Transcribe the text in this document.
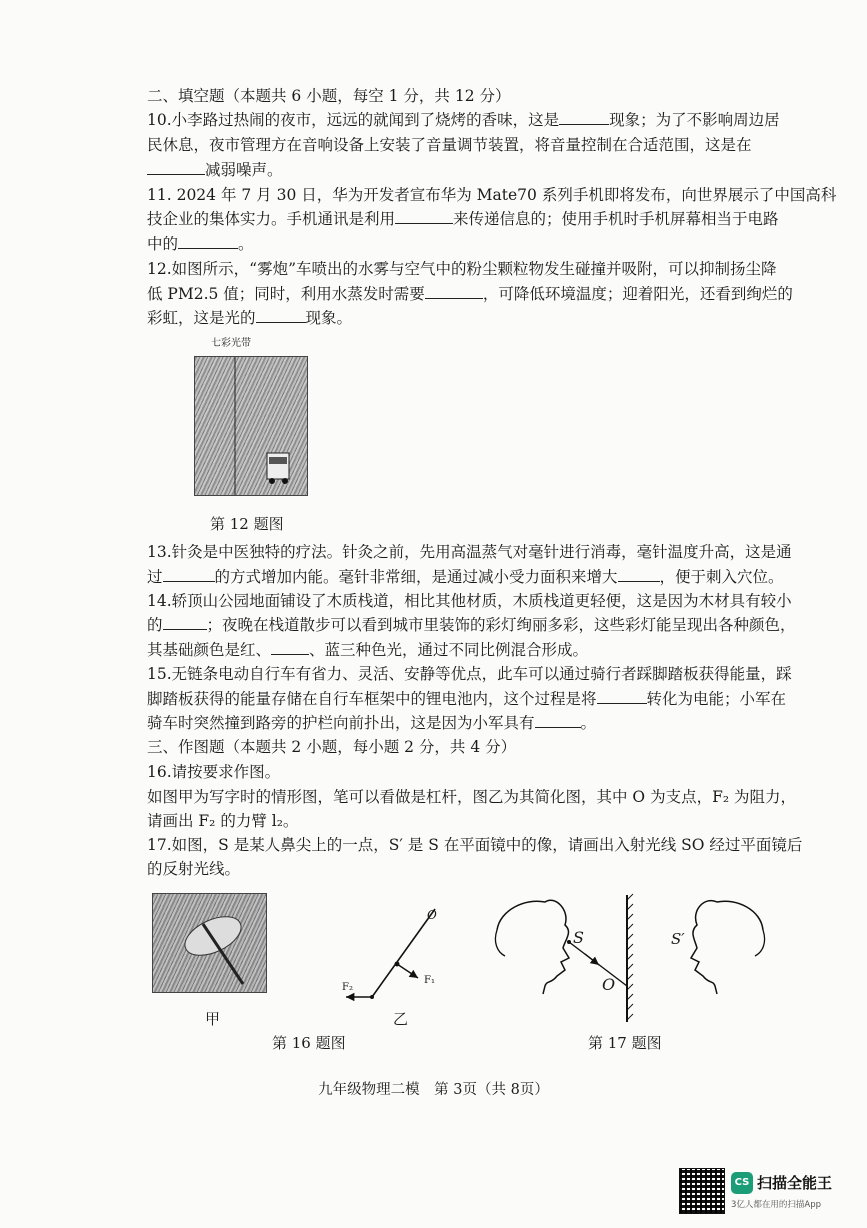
二、填空题（本题共 6 小题，每空 1 分，共 12 分）
10.小李路过热闹的夜市，远远的就闻到了烧烤的香味，这是	现象；为了不影响周边居
民休息，夜市管理方在音响设备上安装了音量调节装置，将音量控制在合适范围，这是在
减弱噪声。
11. 2024 年 7 月 30 日，华为开发者宣布华为 Mate70 系列手机即将发布，向世界展示了中国高科
技企业的集体实力。手机通讯是利用	来传递信息的；使用手机时手机屏幕相当于电路
中的	。
12.如图所示，“雾炮”车喷出的水雾与空气中的粉尘颗粒物发生碰撞并吸附，可以抑制扬尘降
低 PM2.5 值；同时，利用水蒸发时需要	，可降低环境温度；迎着阳光，还看到绚烂的
彩虹，这是光的	现象。
七彩光带
第 12 题图
13.针灸是中医独特的疗法。针灸之前，先用高温蒸气对毫针进行消毒，毫针温度升高，这是通
过	的方式增加内能。毫针非常细，是通过减小受力面积来增大	，便于刺入穴位。
14.轿顶山公园地面铺设了木质栈道，相比其他材质，木质栈道更轻便，这是因为木材具有较小
的	；夜晚在栈道散步可以看到城市里装饰的彩灯绚丽多彩，这些彩灯能呈现出各种颜色，
其基础颜色是红、 、蓝三种色光，通过不同比例混合形成。
15.无链条电动自行车有省力、灵活、安静等优点，此车可以通过骑行者踩脚踏板获得能量，踩
脚踏板获得的能量存储在自行车框架中的锂电池内，这个过程是将	转化为电能；小军在
骑车时突然撞到路旁的护栏向前扑出，这是因为小军具有	。
三、作图题（本题共 2 小题，每小题 2 分，共 4 分）
16.请按要求作图。
如图甲为写字时的情形图，笔可以看做是杠杆，图乙为其简化图，其中 O 为支点，F₂ 为阻力，
请画出 F₂ 的力臂 l₂。
17.如图，S 是某人鼻尖上的一点，S′ 是 S 在平面镜中的像，请画出入射光线 SO 经过平面镜后
的反射光线。
甲
O
F₁
F₂
乙
第 16 题图
S
O
S′
第 17 题图
九年级物理二模　第 3页（共 8页）
CS 扫描全能王
3亿人都在用的扫描App
